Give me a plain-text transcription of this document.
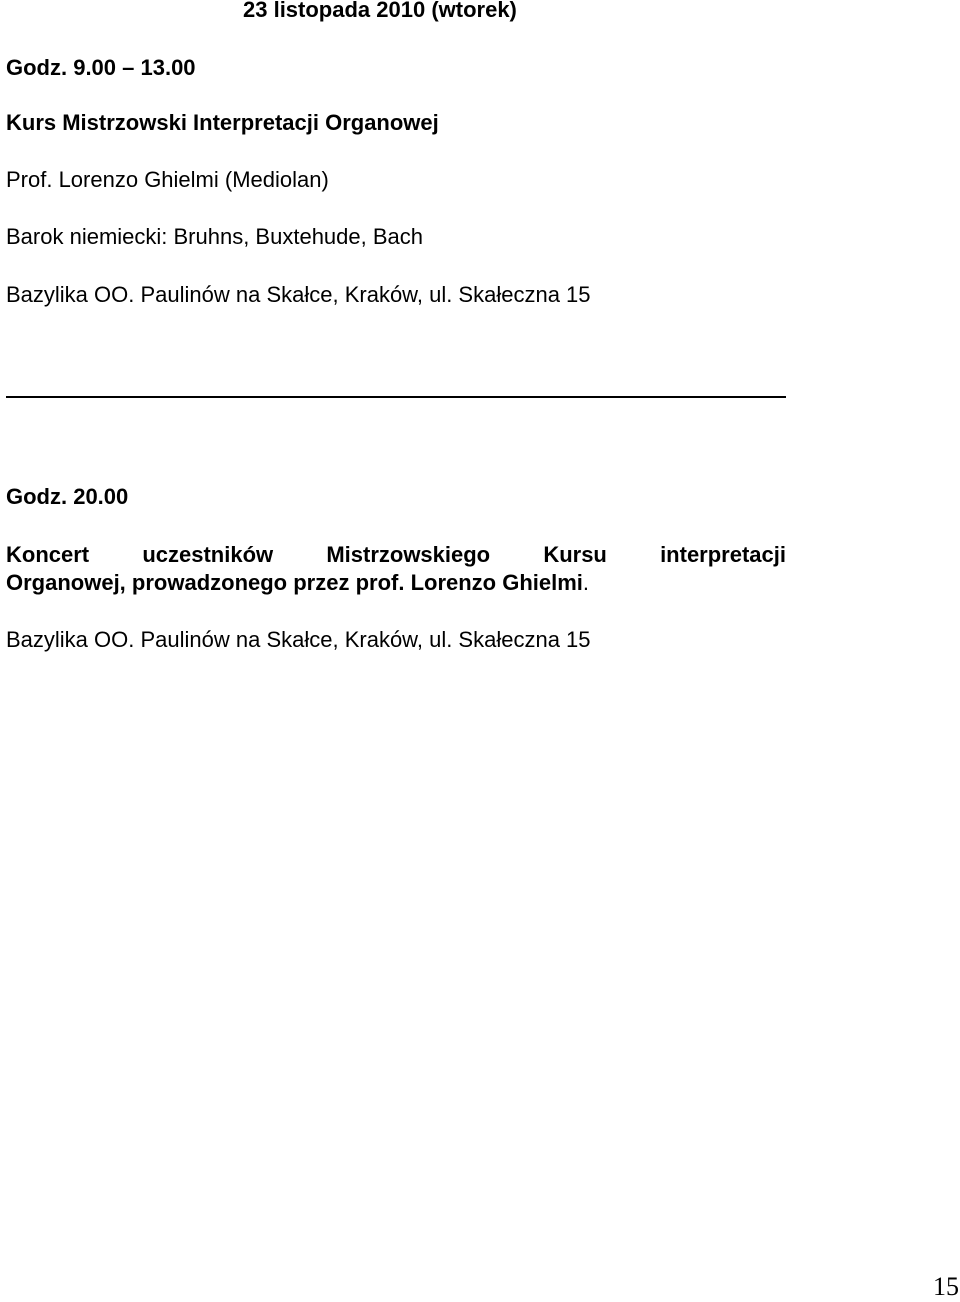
23 listopada 2010 (wtorek)
Godz. 9.00 – 13.00
Kurs Mistrzowski Interpretacji Organowej
Prof. Lorenzo Ghielmi (Mediolan)
Barok niemiecki: Bruhns, Buxtehude, Bach
Bazylika OO. Paulinów na Skałce, Kraków, ul. Skałeczna 15
Godz. 20.00
Koncert uczestników Mistrzowskiego Kursu interpretacji
Organowej, prowadzonego przez prof. Lorenzo Ghielmi.
Bazylika OO. Paulinów na Skałce, Kraków, ul. Skałeczna 15
15
